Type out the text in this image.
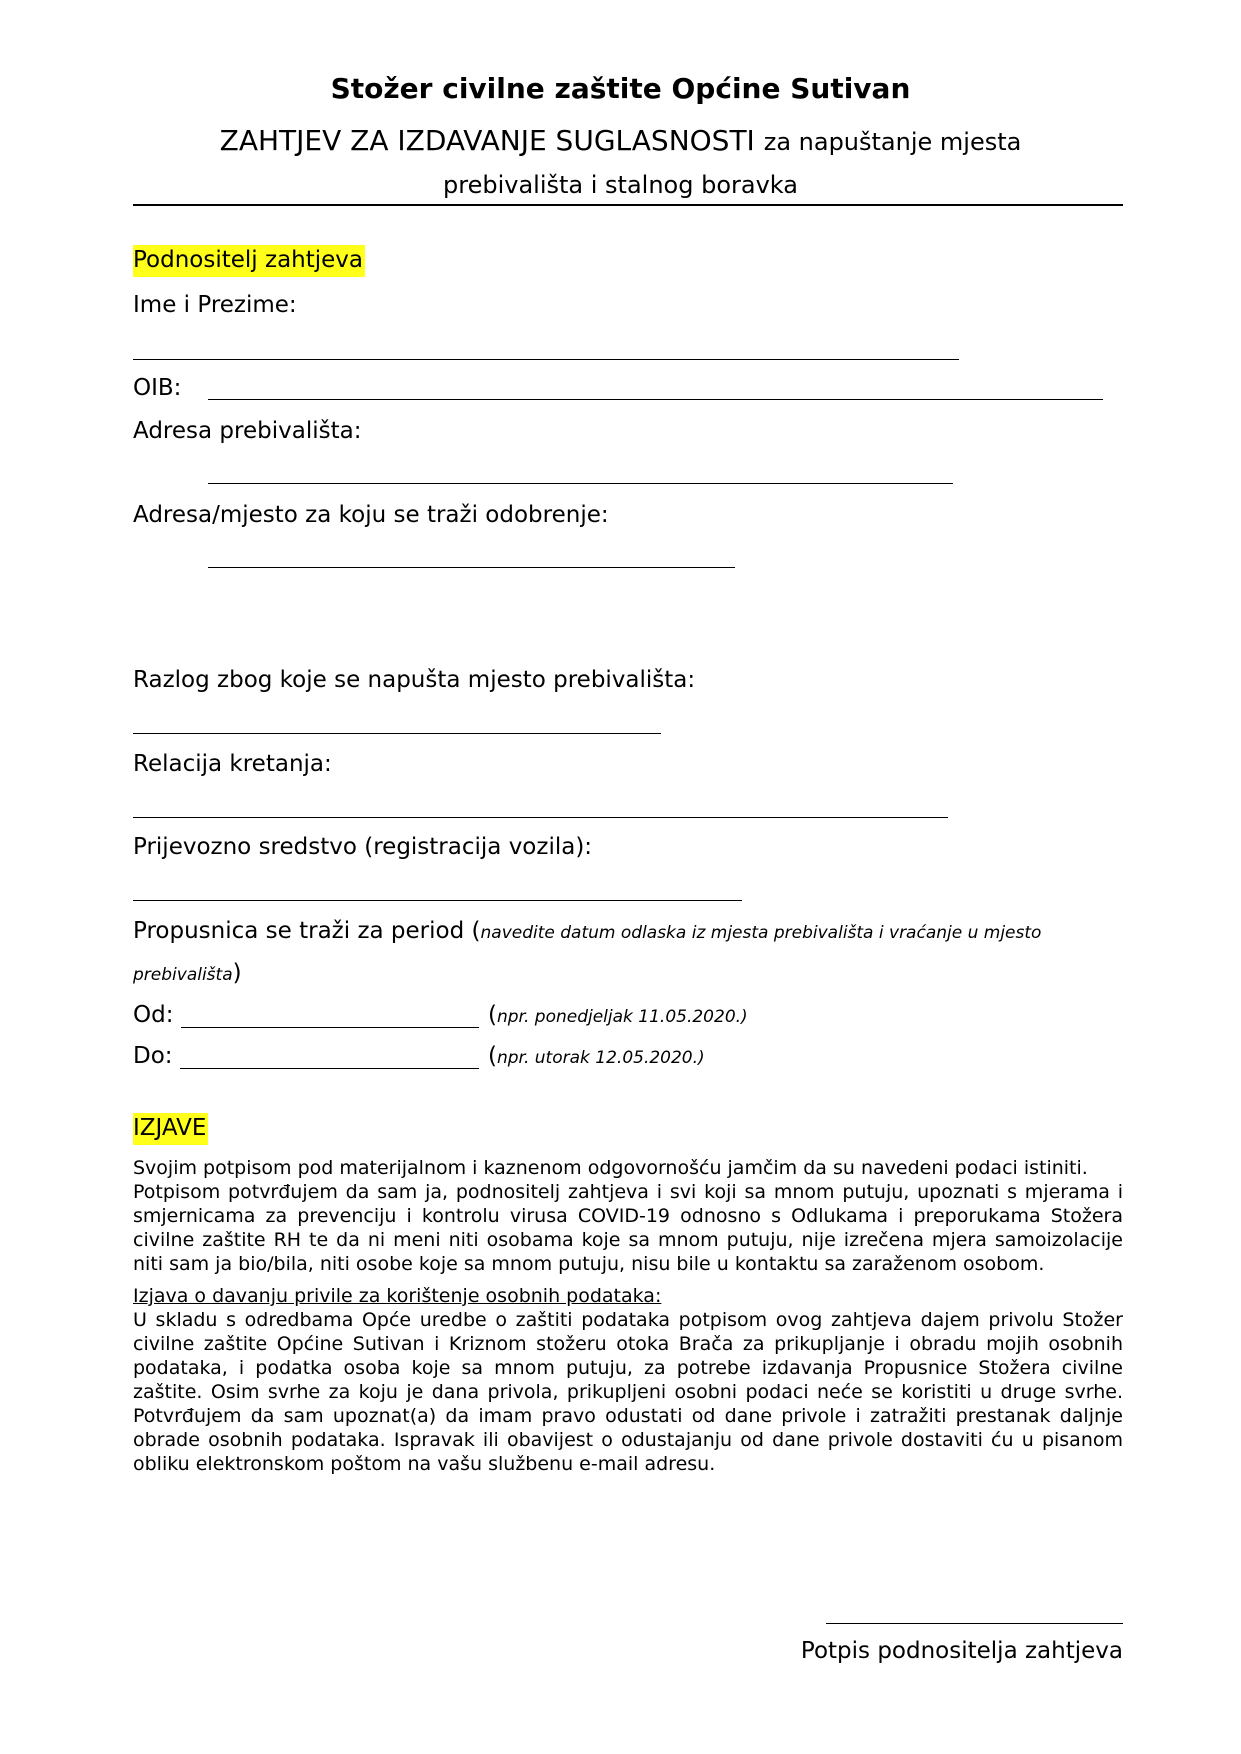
Stožer civilne zaštite Općine Sutivan
ZAHTJEV ZA IZDAVANJE SUGLASNOSTI za napuštanje mjesta
prebivališta i stalnog boravka
Podnositelj zahtjeva
Ime i Prezime:
OIB:
Adresa prebivališta:
Adresa/mjesto za koju se traži odobrenje:
Razlog zbog koje se napušta mjesto prebivališta:
Relacija kretanja:
Prijevozno sredstvo (registracija vozila):
Propusnica se traži za period (navedite datum odlaska iz mjesta prebivališta i vraćanje u mjesto
prebivališta)
Od:	(npr. ponedjeljak 11.05.2020.)
Do:	(npr. utorak 12.05.2020.)
IZJAVE

Svojim potpisom pod materijalnom i kaznenom odgovornošću jamčim da su navedeni podaci istiniti.

Potpisom potvrđujem da sam ja, podnositelj zahtjeva i svi koji sa mnom putuju, upoznati s mjerama i smjernicama za prevenciju i kontrolu virusa COVID-19 odnosno s Odlukama i preporukama Stožera civilne zaštite RH te da ni meni niti osobama koje sa mnom putuju, nije izrečena mjera samoizolacije niti sam ja bio/bila, niti osobe koje sa mnom putuju, nisu bile u kontaktu sa zaraženom osobom.

Izjava o davanju privile za korištenje osobnih podataka:

U skladu s odredbama Opće uredbe o zaštiti podataka potpisom ovog zahtjeva dajem privolu Stožer civilne zaštite Općine Sutivan i Kriznom stožeru otoka Brača za prikupljanje i obradu mojih osobnih podataka, i podatka osoba koje sa mnom putuju, za potrebe izdavanja Propusnice Stožera civilne zaštite. Osim svrhe za koju je dana privola, prikupljeni osobni podaci neće se koristiti u druge svrhe. Potvrđujem da sam upoznat(a) da imam pravo odustati od dane privole i zatražiti prestanak daljnje obrade osobnih podataka. Ispravak ili obavijest o odustajanju od dane privole dostaviti ću u pisanom obliku elektronskom poštom na vašu službenu e-mail adresu.

Potpis podnositelja zahtjeva
